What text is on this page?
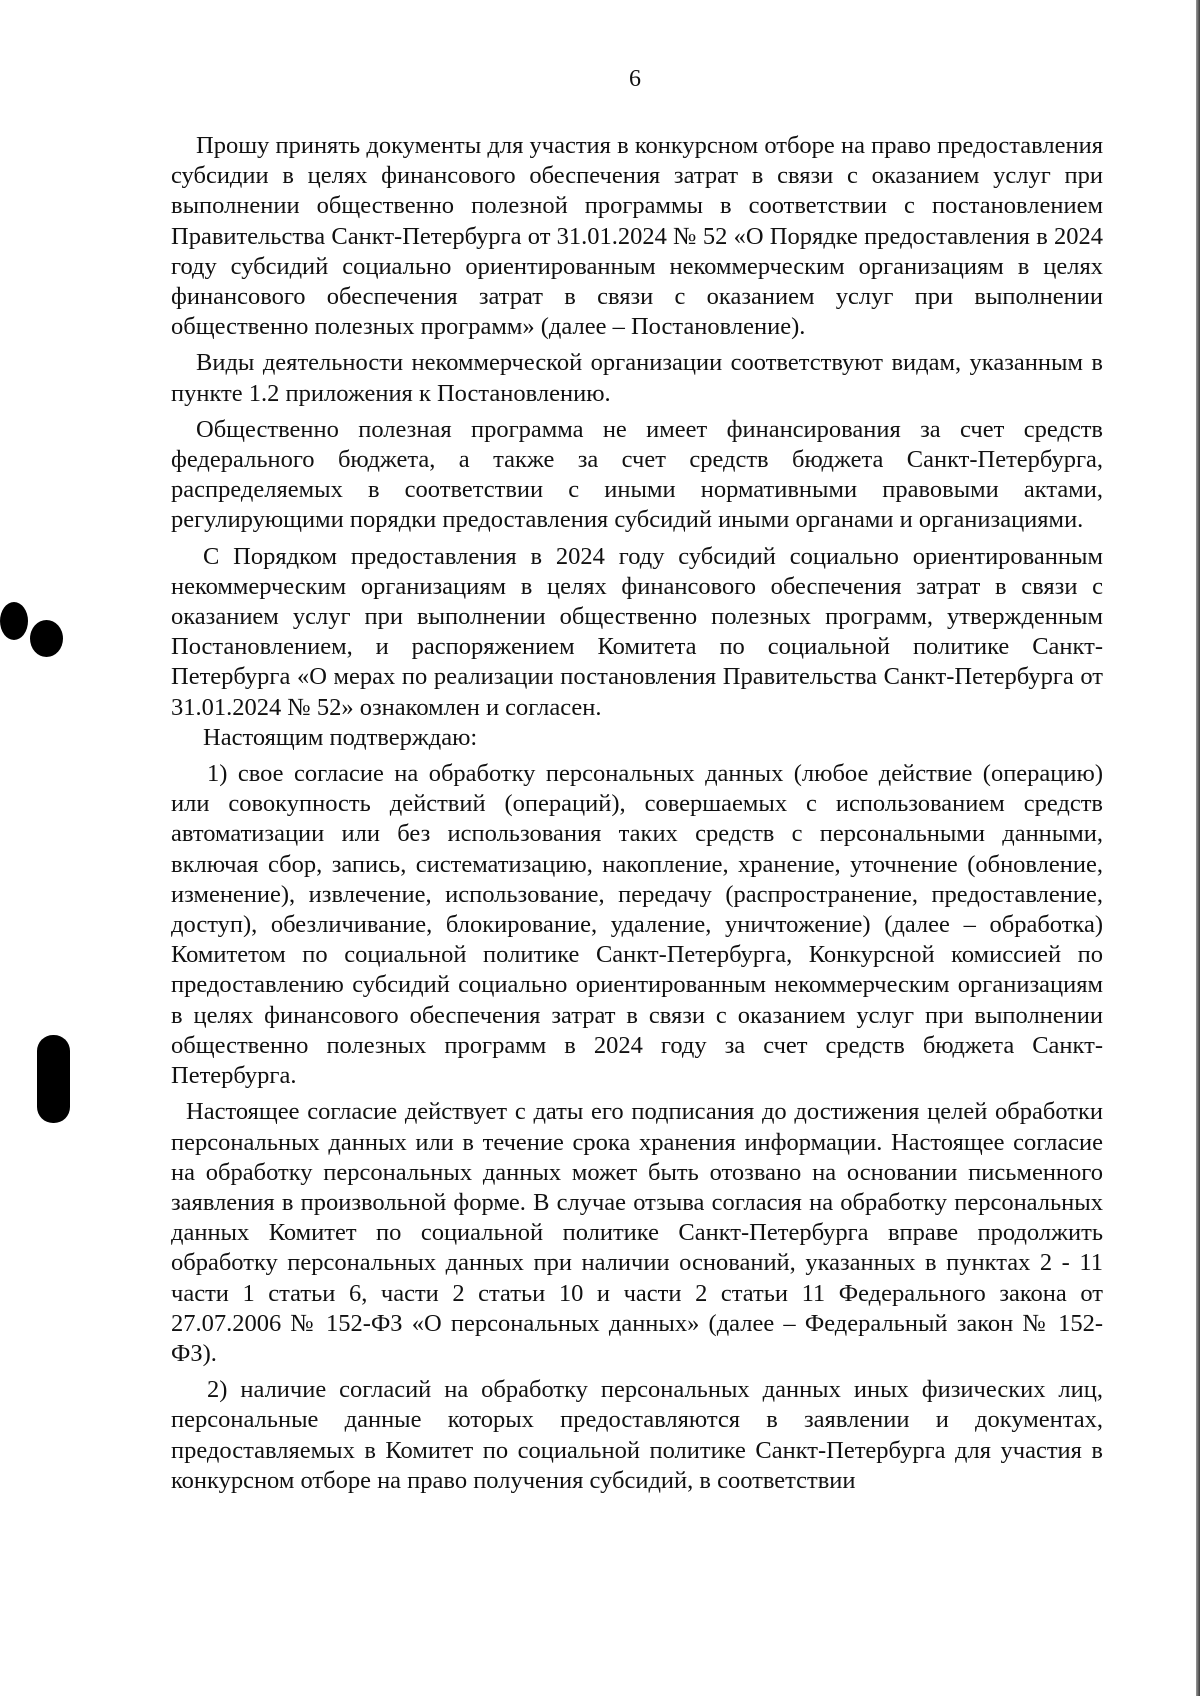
6

Прошу принять документы для участия в конкурсном отборе на право предоставления субсидии в целях финансового обеспечения затрат в связи с оказанием услуг при выполнении общественно полезной программы в соответствии с постановлением Правительства Санкт-Петербурга от 31.01.2024 № 52 «О Порядке предоставления в 2024 году субсидий социально ориентированным некоммерческим организациям в целях финансового обеспечения затрат в связи с оказанием услуг при выполнении общественно полезных программ» (далее – Постановление).

Виды деятельности некоммерческой организации соответствуют видам, указанным в пункте 1.2 приложения к Постановлению.

Общественно полезная программа не имеет финансирования за счет средств федерального бюджета, а также за счет средств бюджета Санкт-Петербурга, распределяемых в соответствии с иными нормативными правовыми актами, регулирующими порядки предоставления субсидий иными органами и организациями.

С Порядком предоставления в 2024 году субсидий социально ориентированным некоммерческим организациям в целях финансового обеспечения затрат в связи с оказанием услуг при выполнении общественно полезных программ, утвержденным Постановлением, и распоряжением Комитета по социальной политике Санкт-Петербурга «О мерах по реализации постановления Правительства Санкт-Петербурга от 31.01.2024 № 52» ознакомлен и согласен.

Настоящим подтверждаю:

1) свое согласие на обработку персональных данных (любое действие (операцию) или совокупность действий (операций), совершаемых с использованием средств автоматизации или без использования таких средств с персональными данными, включая сбор, запись, систематизацию, накопление, хранение, уточнение (обновление, изменение), извлечение, использование, передачу (распространение, предоставление, доступ), обезличивание, блокирование, удаление, уничтожение) (далее – обработка) Комитетом по социальной политике Санкт-Петербурга, Конкурсной комиссией по предоставлению субсидий социально ориентированным некоммерческим организациям в целях финансового обеспечения затрат в связи с оказанием услуг при выполнении общественно полезных программ в 2024 году за счет средств бюджета Санкт-Петербурга.

Настоящее согласие действует с даты его подписания до достижения целей обработки персональных данных или в течение срока хранения информации. Настоящее согласие на обработку персональных данных может быть отозвано на основании письменного заявления в произвольной форме. В случае отзыва согласия на обработку персональных данных Комитет по социальной политике Санкт-Петербурга вправе продолжить обработку персональных данных при наличии оснований, указанных в пунктах 2 - 11 части 1 статьи 6, части 2 статьи 10 и части 2 статьи 11 Федерального закона от 27.07.2006 № 152-ФЗ «О персональных данных» (далее – Федеральный закон № 152-ФЗ).

2) наличие согласий на обработку персональных данных иных физических лиц, персональные данные которых предоставляются в заявлении и документах, предоставляемых в Комитет по социальной политике Санкт-Петербурга для участия в конкурсном отборе на право получения субсидий, в соответствии
